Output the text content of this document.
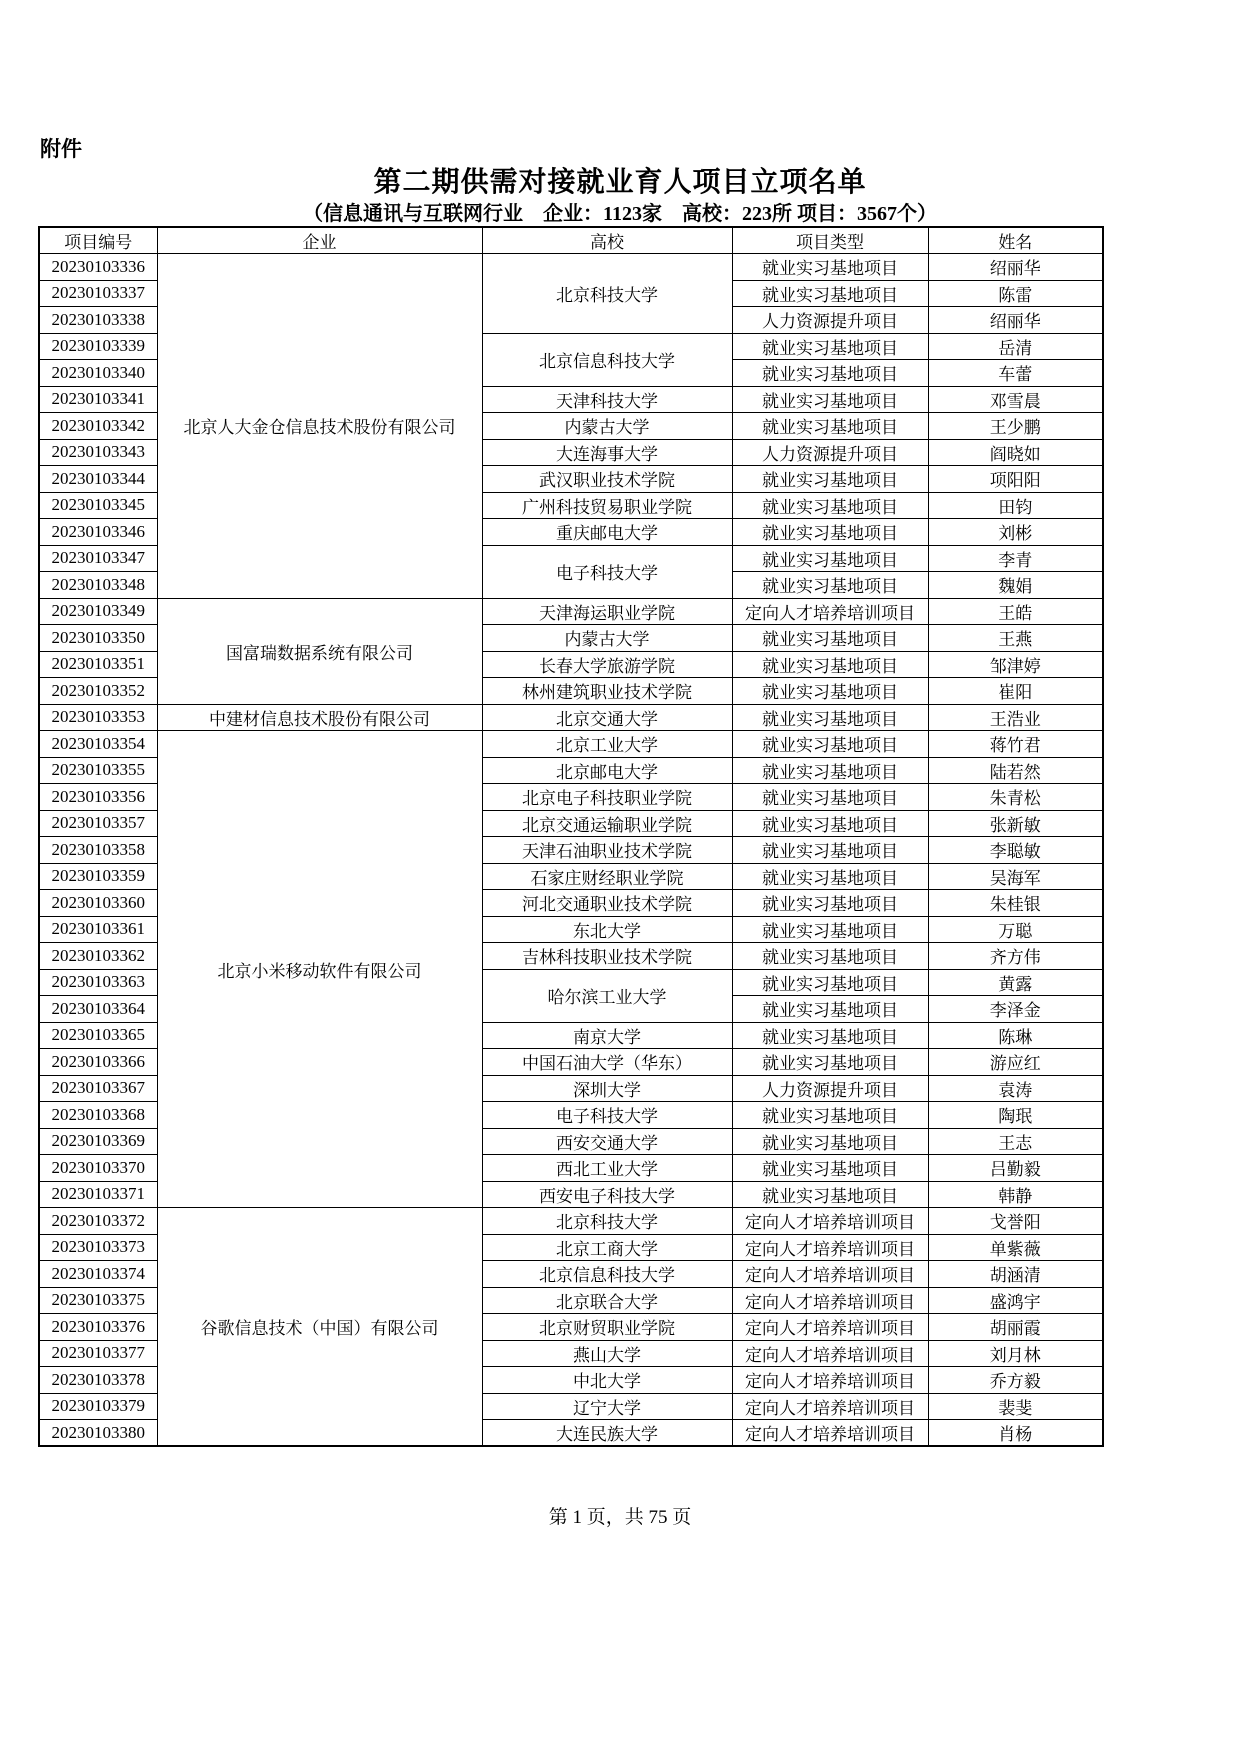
附件
第二期供需对接就业育人项目立项名单
（信息通讯与互联网行业　企业：1123家　高校：223所 项目：3567个）
项目编号	企业	高校	项目类型	姓名
20230103336	北京人大金仓信息技术股份有限公司	北京科技大学	就业实习基地项目	绍丽华
20230103337			就业实习基地项目	陈雷
20230103338			人力资源提升项目	绍丽华
20230103339		北京信息科技大学	就业实习基地项目	岳清
20230103340			就业实习基地项目	车蕾
20230103341		天津科技大学	就业实习基地项目	邓雪晨
20230103342		内蒙古大学	就业实习基地项目	王少鹏
20230103343		大连海事大学	人力资源提升项目	阎晓如
20230103344		武汉职业技术学院	就业实习基地项目	项阳阳
20230103345		广州科技贸易职业学院	就业实习基地项目	田钧
20230103346		重庆邮电大学	就业实习基地项目	刘彬
20230103347		电子科技大学	就业实习基地项目	李青
20230103348			就业实习基地项目	魏娟
20230103349	国富瑞数据系统有限公司	天津海运职业学院	定向人才培养培训项目	王皓
20230103350		内蒙古大学	就业实习基地项目	王燕
20230103351		长春大学旅游学院	就业实习基地项目	邹津婷
20230103352		林州建筑职业技术学院	就业实习基地项目	崔阳
20230103353	中建材信息技术股份有限公司	北京交通大学	就业实习基地项目	王浩业
20230103354	北京小米移动软件有限公司	北京工业大学	就业实习基地项目	蒋竹君
20230103355		北京邮电大学	就业实习基地项目	陆若然
20230103356		北京电子科技职业学院	就业实习基地项目	朱青松
20230103357		北京交通运输职业学院	就业实习基地项目	张新敏
20230103358		天津石油职业技术学院	就业实习基地项目	李聪敏
20230103359		石家庄财经职业学院	就业实习基地项目	吴海军
20230103360		河北交通职业技术学院	就业实习基地项目	朱桂银
20230103361		东北大学	就业实习基地项目	万聪
20230103362		吉林科技职业技术学院	就业实习基地项目	齐方伟
20230103363		哈尔滨工业大学	就业实习基地项目	黄露
20230103364			就业实习基地项目	李泽金
20230103365		南京大学	就业实习基地项目	陈琳
20230103366		中国石油大学（华东）	就业实习基地项目	游应红
20230103367		深圳大学	人力资源提升项目	袁涛
20230103368		电子科技大学	就业实习基地项目	陶珉
20230103369		西安交通大学	就业实习基地项目	王志
20230103370		西北工业大学	就业实习基地项目	吕勤毅
20230103371		西安电子科技大学	就业实习基地项目	韩静
20230103372	谷歌信息技术（中国）有限公司	北京科技大学	定向人才培养培训项目	戈誉阳
20230103373		北京工商大学	定向人才培养培训项目	单紫薇
20230103374		北京信息科技大学	定向人才培养培训项目	胡涵清
20230103375		北京联合大学	定向人才培养培训项目	盛鸿宇
20230103376		北京财贸职业学院	定向人才培养培训项目	胡丽霞
20230103377		燕山大学	定向人才培养培训项目	刘月林
20230103378		中北大学	定向人才培养培训项目	乔方毅
20230103379		辽宁大学	定向人才培养培训项目	裴斐
20230103380		大连民族大学	定向人才培养培训项目	肖杨
第 1 页，共 75 页
